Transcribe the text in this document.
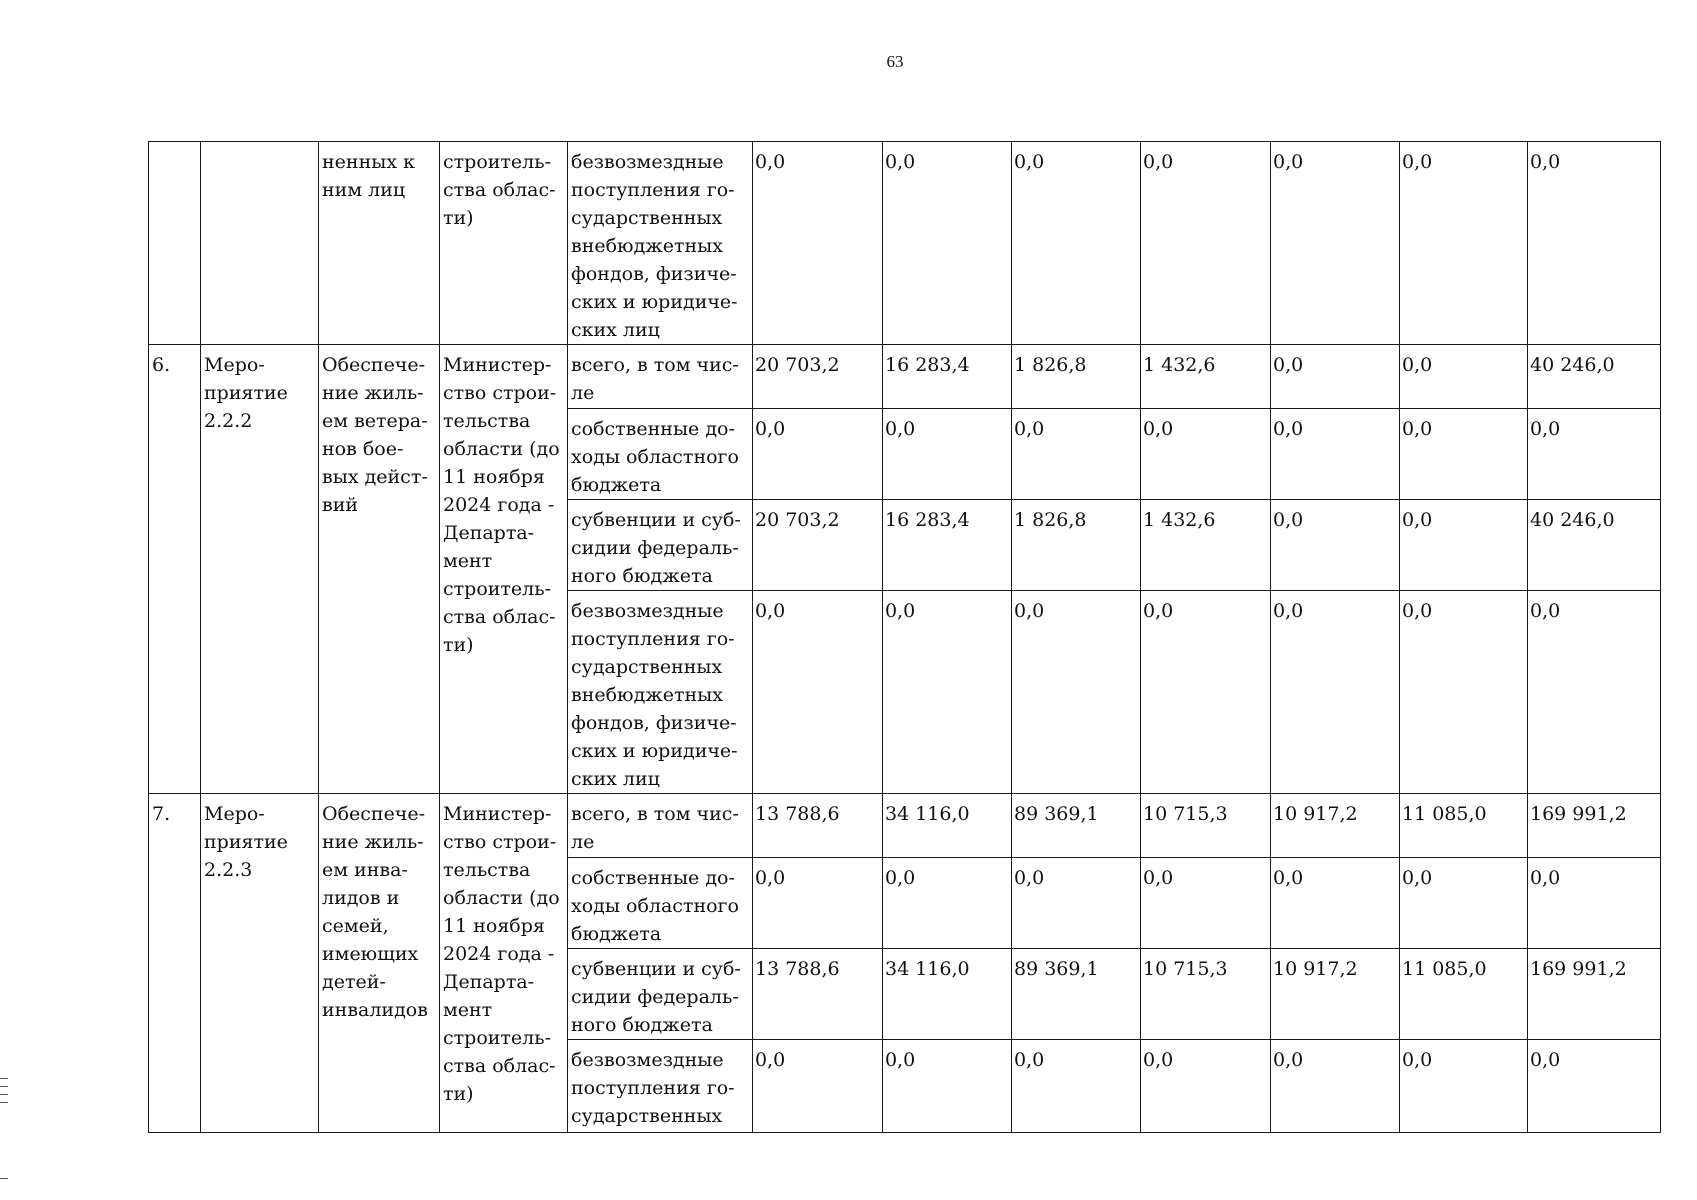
63
		ненных к ним лиц	строитель-ства облас-ти)	безвозмездные поступления го-сударственных внебюджетных фондов, физиче-ских и юридиче-ских лиц	0,0	0,0	0,0	0,0	0,0	0,0	0,0
6.	Меро-приятие 2.2.2	Обеспече-ние жиль-ем ветера-нов бое-вых дейст-вий	Министер-ство строи-тельства области (до 11 ноября 2024 года - Департа-мент строитель-ства облас-ти)	всего, в том чис-ле	20 703,2	16 283,4	1 826,8	1 432,6	0,0	0,0	40 246,0
				собственные до-ходы областного бюджета	0,0	0,0	0,0	0,0	0,0	0,0	0,0
				субвенции и суб-сидии федераль-ного бюджета	20 703,2	16 283,4	1 826,8	1 432,6	0,0	0,0	40 246,0
				безвозмездные поступления го-сударственных внебюджетных фондов, физиче-ских и юридиче-ских лиц	0,0	0,0	0,0	0,0	0,0	0,0	0,0
7.	Меро-приятие 2.2.3	Обеспече-ние жиль-ем инва-лидов и семей, имеющих детей-инвалидов	Министер-ство строи-тельства области (до 11 ноября 2024 года - Департа-мент строитель-ства облас-ти)	всего, в том чис-ле	13 788,6	34 116,0	89 369,1	10 715,3	10 917,2	11 085,0	169 991,2
				собственные до-ходы областного бюджета	0,0	0,0	0,0	0,0	0,0	0,0	0,0
				субвенции и суб-сидии федераль-ного бюджета	13 788,6	34 116,0	89 369,1	10 715,3	10 917,2	11 085,0	169 991,2
				безвозмездные поступления го-сударственных	0,0	0,0	0,0	0,0	0,0	0,0	0,0
